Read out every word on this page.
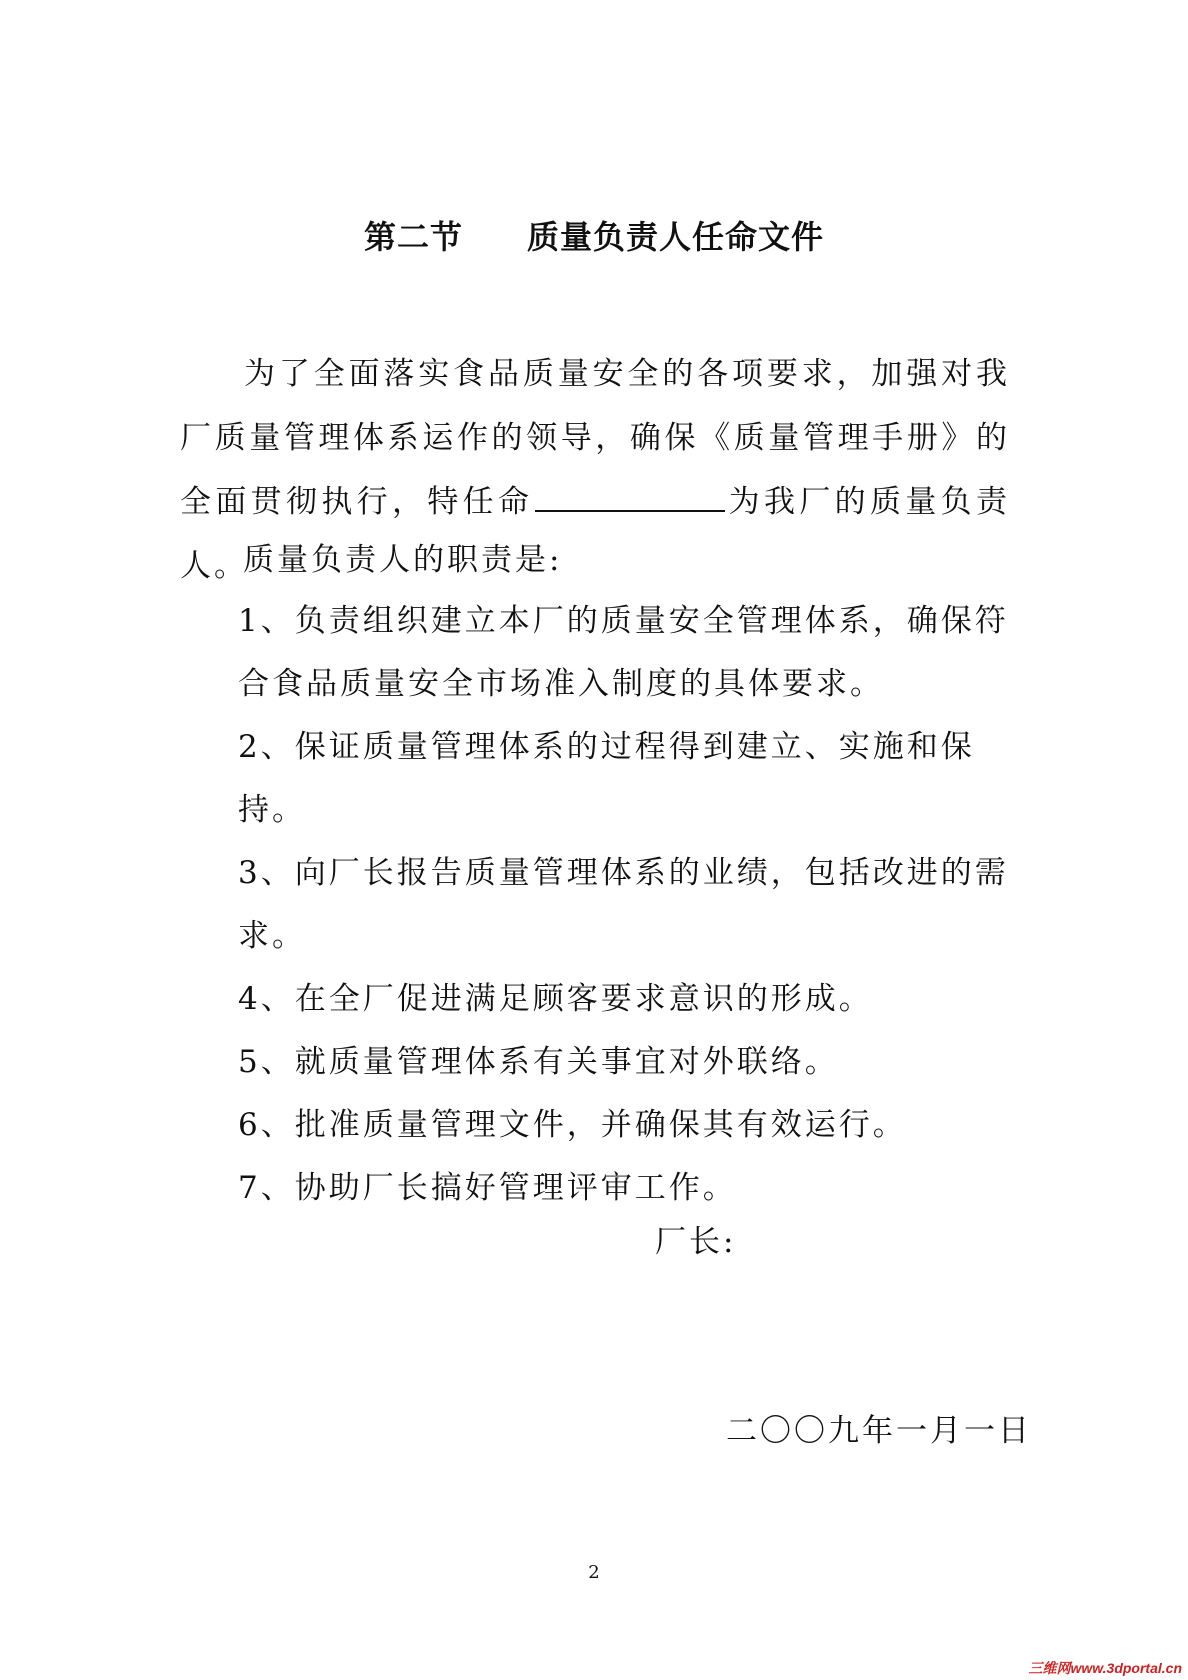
第二节 质量负责人任命文件
为了全面落实食品质量安全的各项要求，加强对我厂质量管理体系运作的领导，确保《质量管理手册》的全面贯彻执行，特任命	为我厂的质量负责人。

质量负责人的职责是:

1、负责组织建立本厂的质量安全管理体系，确保符合食品质量安全市场准入制度的具体要求。
2、保证质量管理体系的过程得到建立、实施和保持。
3、向厂长报告质量管理体系的业绩，包括改进的需求。
4、在全厂促进满足顾客要求意识的形成。
5、就质量管理体系有关事宜对外联络。
6、批准质量管理文件，并确保其有效运行。
7、协助厂长搞好管理评审工作。
厂长:
二〇〇九年一月一日
2
三维网www.3dportal.cn
